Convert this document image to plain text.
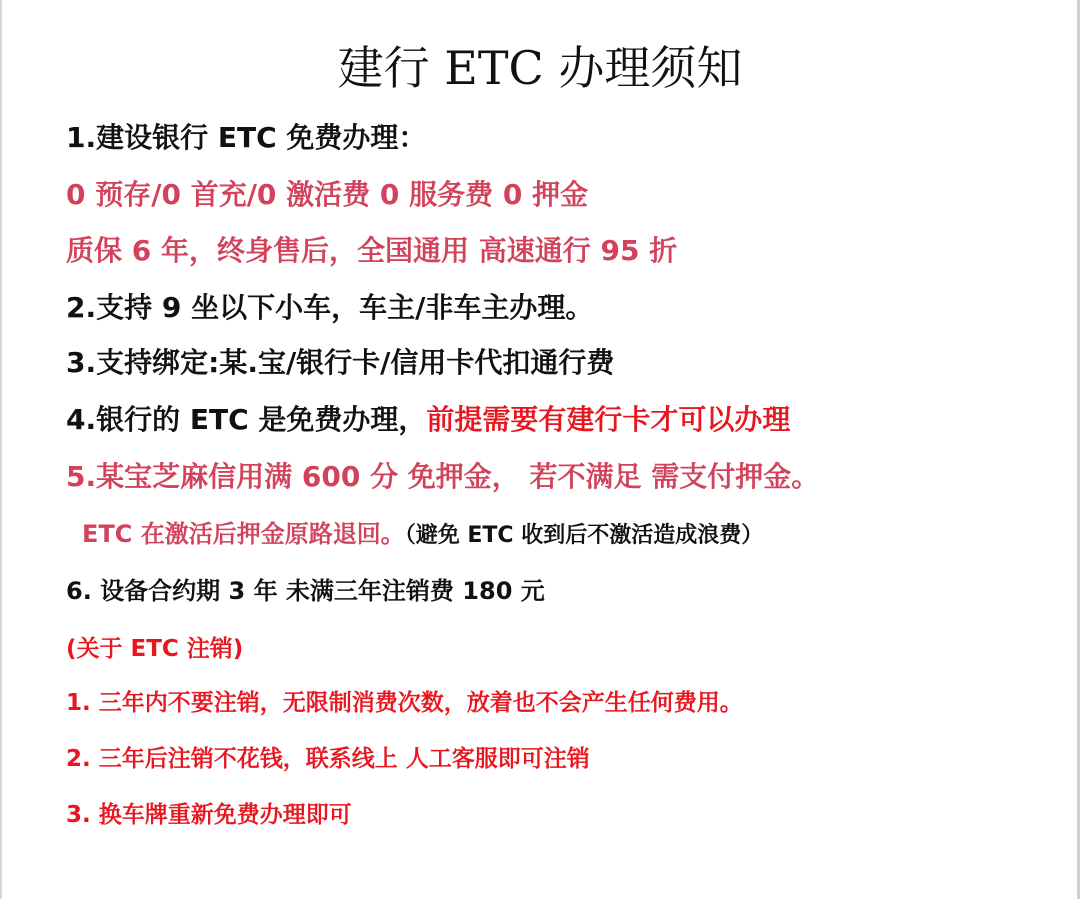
建行 ETC 办理须知
1.建设银行 ETC 免费办理：
0 预存/0 首充/0 激活费 0 服务费 0 押金
质保 6 年，终身售后，全国通用 高速通行 95 折
2.支持 9 坐以下小车，车主/非车主办理。
3.支持绑定:某.宝/银行卡/信用卡代扣通行费
4.银行的 ETC 是免费办理，前提需要有建行卡才可以办理
5.某宝芝麻信用满 600 分 免押金， 若不满足 需支付押金。
ETC 在激活后押金原路退回。（避免 ETC 收到后不激活造成浪费）
6. 设备合约期 3 年 未满三年注销费 180 元
(关于 ETC 注销)
1. 三年内不要注销，无限制消费次数，放着也不会产生任何费用。
2. 三年后注销不花钱，联系线上 人工客服即可注销
3. 换车牌重新免费办理即可
